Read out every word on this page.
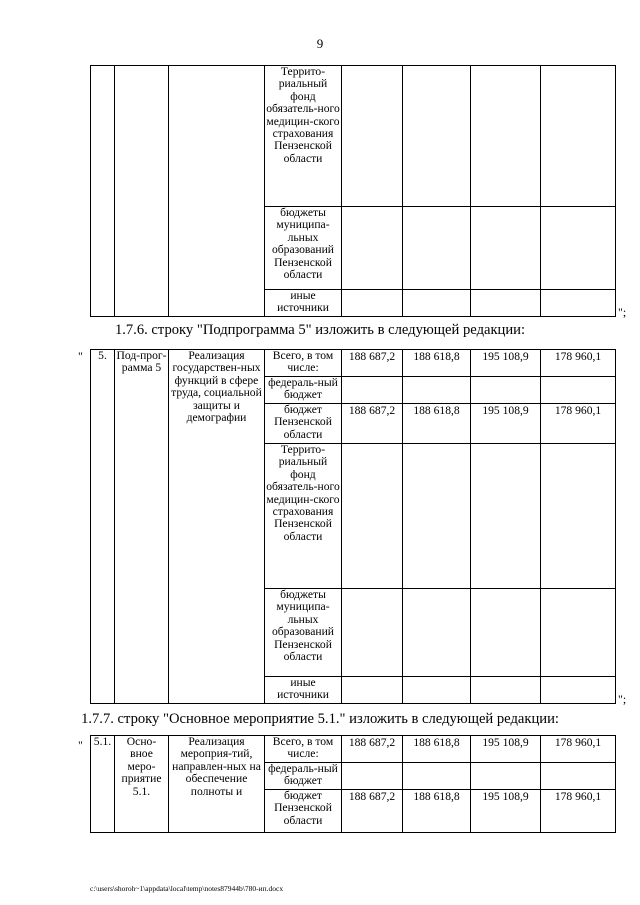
9
			Террито-риальный фонд обязатель-ного медицин-ского страхования Пензенской области				
			бюджеты муниципа-льных образований Пензенской области				
			иные источники					";
1.7.6. строку "Подпрограмма 5" изложить в следующей редакции:
" 5.	Под-прог-рамма 5	Реализация государствен-ных функций в сфере труда, социальной защиты и демографии	Всего, в том числе:	188 687,2	188 618,8	195 108,9	178 960,1
			федераль-ный бюджет				
			бюджет Пензенской области	188 687,2	188 618,8	195 108,9	178 960,1
			Террито-риальный фонд обязатель-ного медицин-ского страхования Пензенской области				
			бюджеты муниципа-льных образований Пензенской области				
			иные источники					";
1.7.7. строку "Основное мероприятие 5.1." изложить в следующей редакции:
" 5.1.	Осно-вное меро-приятие 5.1.	Реализация мероприя-тий, направлен-ных на обеспечение полноты и	Всего, в том числе:	188 687,2	188 618,8	195 108,9	178 960,1
			федераль-ный бюджет				
			бюджет Пензенской области	188 687,2	188 618,8	195 108,9	178 960,1
c:\users\shoroh~1\appdata\local\temp\notes87944b\780-ип.docx
